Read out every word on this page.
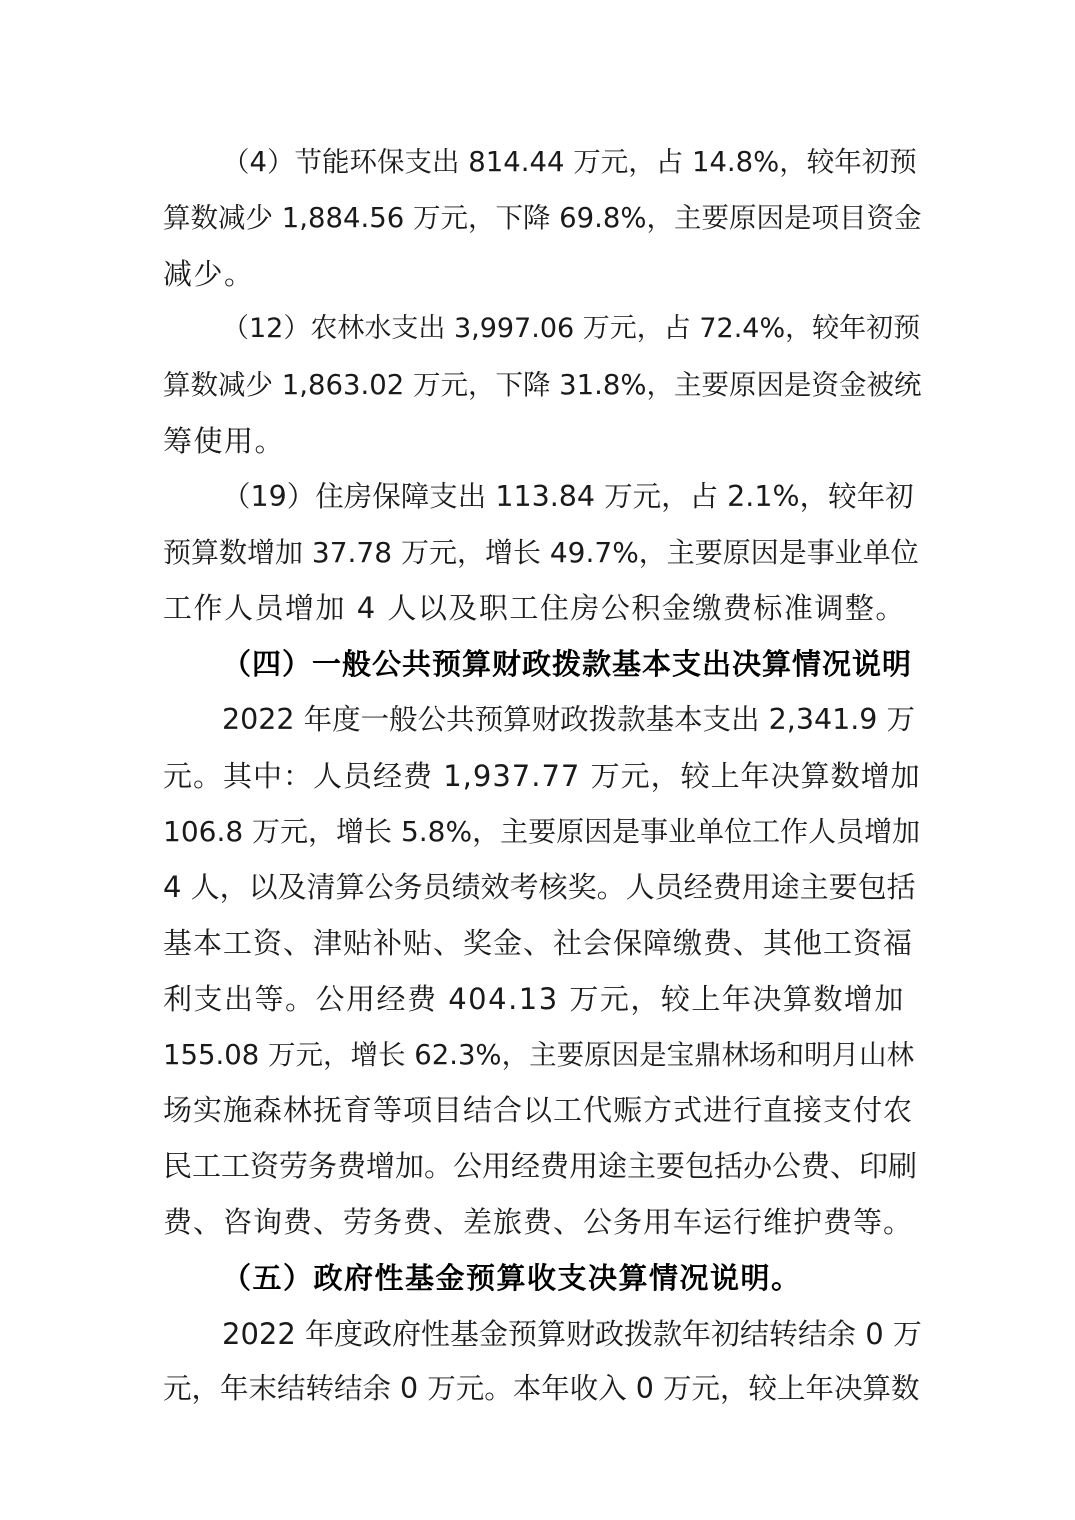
（4）节能环保支出 814.44 万元，占 14.8%，较年初预
算数减少 1,884.56 万元，下降 69.8%，主要原因是项目资金
减少。
（12）农林水支出 3,997.06 万元，占 72.4%，较年初预
算数减少 1,863.02 万元，下降 31.8%，主要原因是资金被统
筹使用。
（19）住房保障支出 113.84 万元，占 2.1%，较年初
预算数增加 37.78 万元，增长 49.7%，主要原因是事业单位
工作人员增加 4 人以及职工住房公积金缴费标准调整。
（四）一般公共预算财政拨款基本支出决算情况说明
2022 年度一般公共预算财政拨款基本支出 2,341.9 万
元。其中：人员经费 1,937.77 万元，较上年决算数增加
106.8 万元，增长 5.8%，主要原因是事业单位工作人员增加
4 人，以及清算公务员绩效考核奖。人员经费用途主要包括
基本工资、津贴补贴、奖金、社会保障缴费、其他工资福
利支出等。公用经费 404.13 万元，较上年决算数增加
155.08 万元，增长 62.3%，主要原因是宝鼎林场和明月山林
场实施森林抚育等项目结合以工代赈方式进行直接支付农
民工工资劳务费增加。公用经费用途主要包括办公费、印刷
费、咨询费、劳务费、差旅费、公务用车运行维护费等。
（五）政府性基金预算收支决算情况说明。
2022 年度政府性基金预算财政拨款年初结转结余 0 万
元，年末结转结余 0 万元。本年收入 0 万元，较上年决算数
